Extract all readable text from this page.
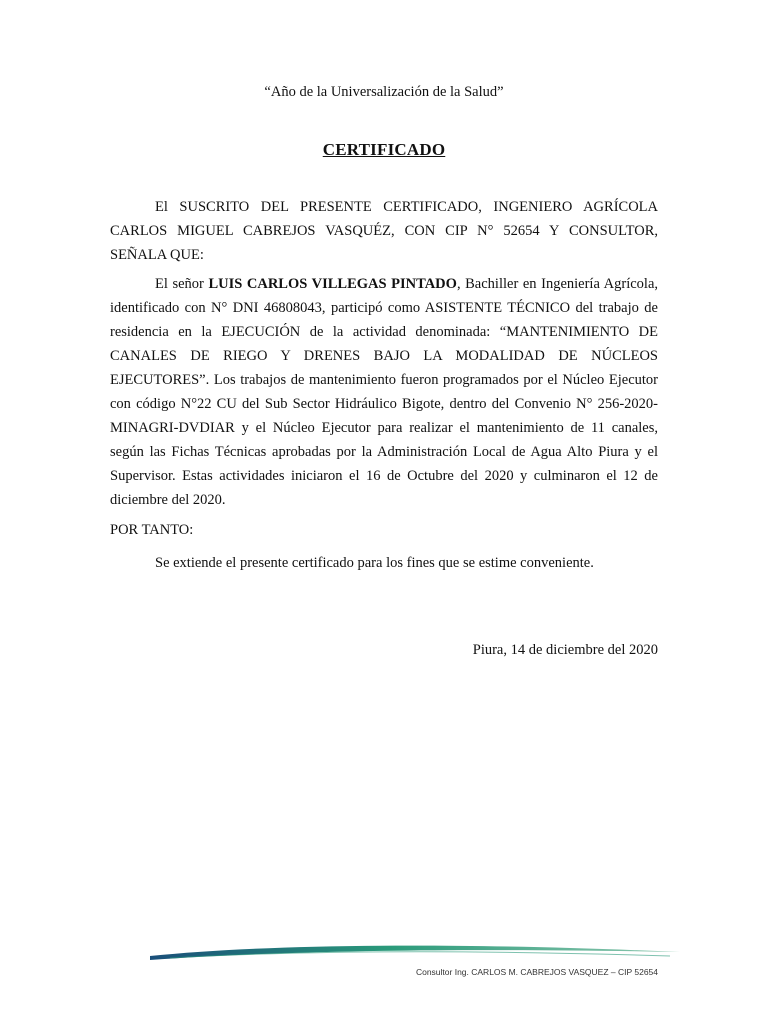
“Año de la Universalización de la Salud”
CERTIFICADO
El SUSCRITO DEL PRESENTE CERTIFICADO, INGENIERO AGRÍCOLA CARLOS MIGUEL CABREJOS VASQUÉZ, CON CIP N° 52654 Y CONSULTOR, SEÑALA QUE:
El señor LUIS CARLOS VILLEGAS PINTADO, Bachiller en Ingeniería Agrícola, identificado con N° DNI 46808043, participó como ASISTENTE TÉCNICO del trabajo de residencia en la EJECUCIÓN de la actividad denominada: “MANTENIMIENTO DE CANALES DE RIEGO Y DRENES BAJO LA MODALIDAD DE NÚCLEOS EJECUTORES”. Los trabajos de mantenimiento fueron programados por el Núcleo Ejecutor con código N°22 CU del Sub Sector Hidráulico Bigote, dentro del Convenio N° 256-2020-MINAGRI-DVDIAR y el Núcleo Ejecutor para realizar el mantenimiento de 11 canales, según las Fichas Técnicas aprobadas por la Administración Local de Agua Alto Piura y el Supervisor. Estas actividades iniciaron el 16 de Octubre del 2020 y culminaron el 12 de diciembre del 2020.
POR TANTO:
Se extiende el presente certificado para los fines que se estime conveniente.
Piura, 14 de diciembre del 2020
Consultor Ing. CARLOS M. CABREJOS VASQUEZ – CIP 52654
